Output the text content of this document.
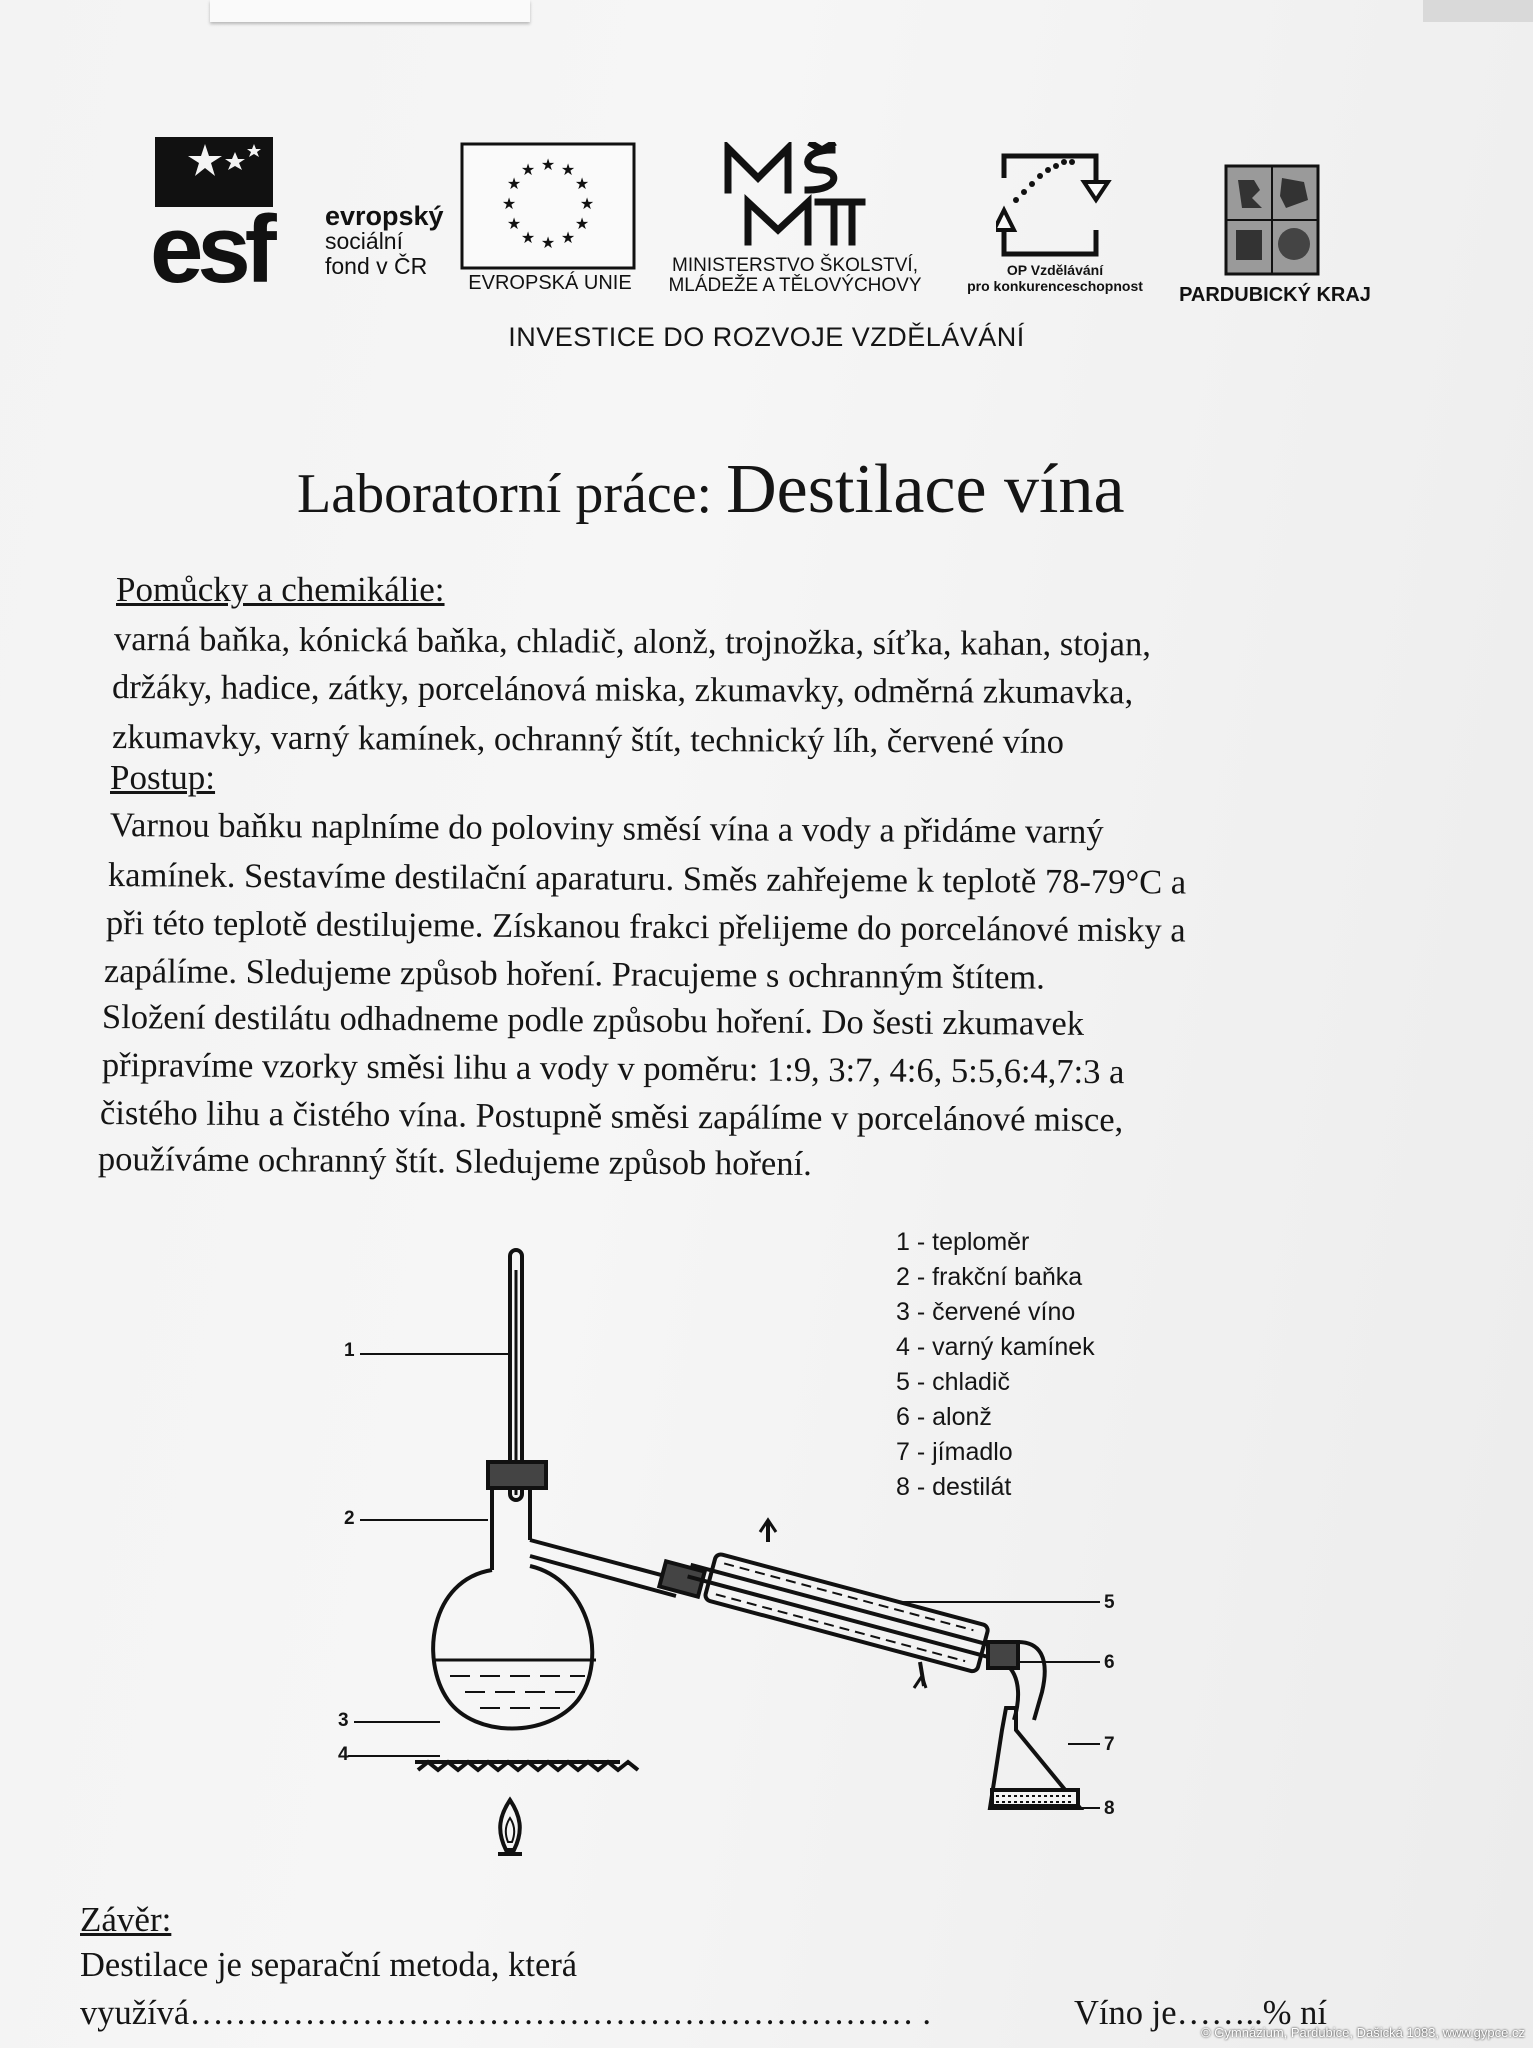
esf evropský
sociální
fond v ČR
★ ★
★
★
★
★
★
★
★
★
★
★
EVROPSKÁ UNIE
MINISTERSTVO ŠKOLSTVÍ,
MLÁDEŽE A TĚLOVÝCHOVY
OP Vzdělávání
pro konkurenceschopnost	PARDUBICKÝ KRAJ
INVESTICE DO ROZVOJE VZDĚLÁVÁNÍ
Laboratorní práce: Destilace vína
Pomůcky a chemikálie:
varná baňka, kónická baňka, chladič, alonž, trojnožka, síťka, kahan, stojan,
držáky, hadice, zátky, porcelánová miska, zkumavky, odměrná zkumavka,
zkumavky, varný kamínek, ochranný štít, technický líh, červené víno
Postup:
Varnou baňku naplníme do poloviny směsí vína a vody a přidáme varný
kamínek. Sestavíme destilační aparaturu. Směs zahřejeme k teplotě 78-79°C a
při této teplotě destilujeme. Získanou frakci přelijeme do porcelánové misky a
zapálíme. Sledujeme způsob hoření. Pracujeme s ochranným štítem.
Složení destilátu odhadneme podle způsobu hoření. Do šesti zkumavek
připravíme vzorky směsi lihu a vody v poměru: 1:9, 3:7, 4:6, 5:5,6:4,7:3 a
čistého lihu a čistého vína. Postupně směsi zapálíme v porcelánové misce,
používáme ochranný štít. Sledujeme způsob hoření.
1
2
3
4
5
6
7
8
1 - teploměr
2 - frakční baňka
3 - červené víno
4 - varný kamínek
5 - chladič
6 - alonž
7 - jímadlo
8 - destilát
Závěr:
Destilace je separační metoda, která
využívá……………………………………………………… .	Víno je……..% ní
© Gymnázium, Pardubice, Dašická 1083, www.gypce.cz
